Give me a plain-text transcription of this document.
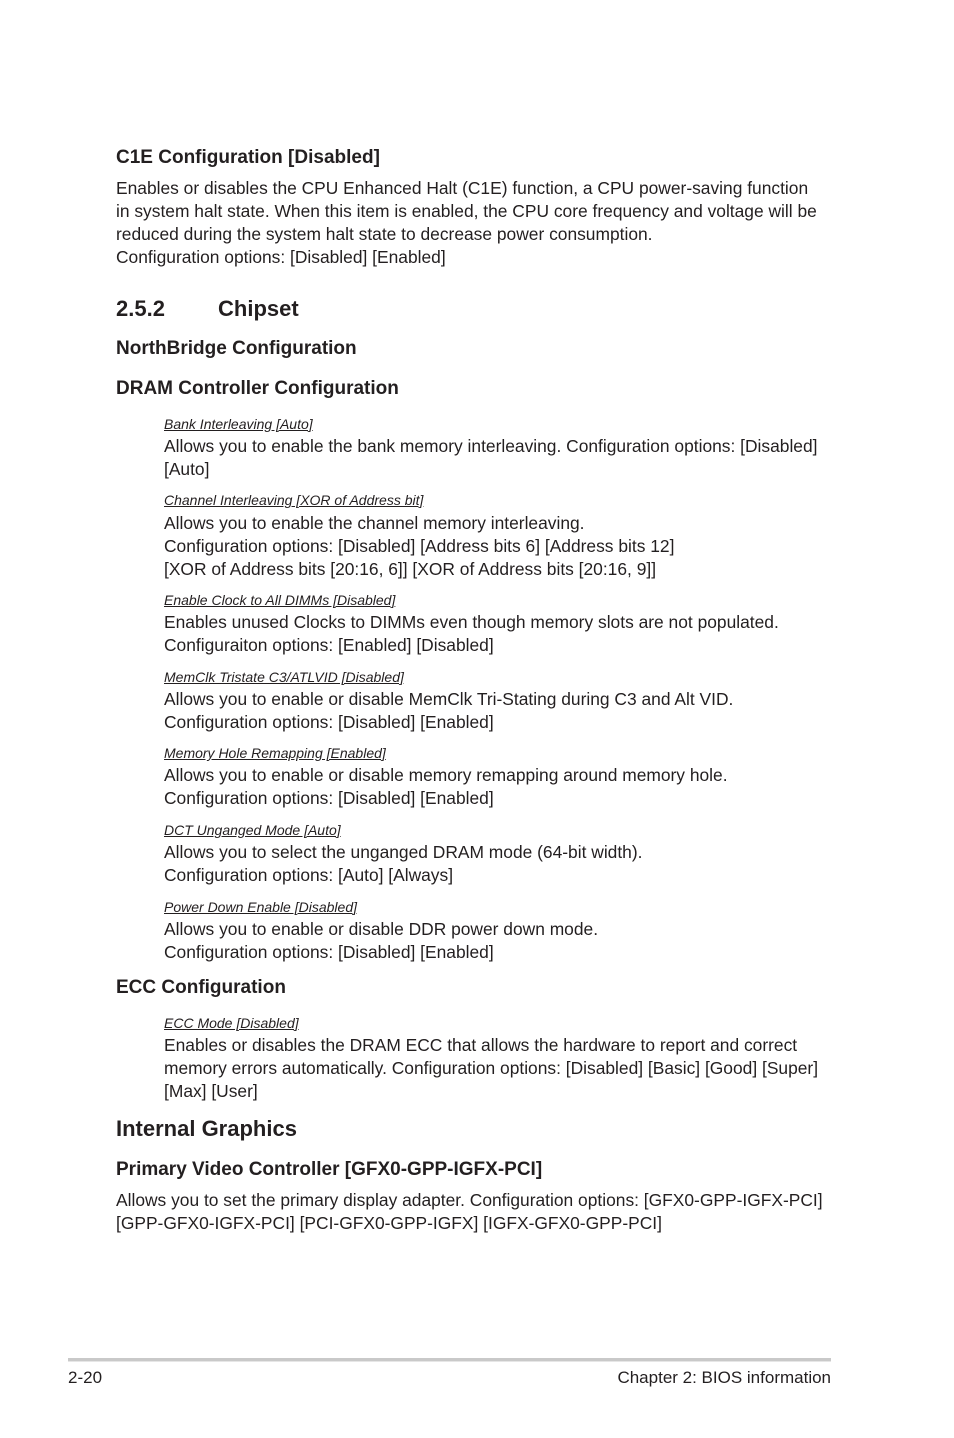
C1E Configuration [Disabled]
Enables or disables the CPU Enhanced Halt (C1E) function, a CPU power-saving function
in system halt state. When this item is enabled, the CPU core frequency and voltage will be
reduced during the system halt state to decrease power consumption.
Configuration options: [Disabled] [Enabled]
2.5.2 Chipset
NorthBridge Configuration
DRAM Controller Configuration
Bank Interleaving [Auto]
Allows you to enable the bank memory interleaving. Configuration options: [Disabled]
[Auto]
Channel Interleaving [XOR of Address bit]
Allows you to enable the channel memory interleaving.
Configuration options: [Disabled] [Address bits 6] [Address bits 12]
[XOR of Address bits [20:16, 6]] [XOR of Address bits [20:16, 9]]
Enable Clock to All DIMMs [Disabled]
Enables unused Clocks to DIMMs even though memory slots are not populated.
Configuraiton options: [Enabled] [Disabled]
MemClk Tristate C3/ATLVID [Disabled]
Allows you to enable or disable MemClk Tri-Stating during C3 and Alt VID.
Configuration options: [Disabled] [Enabled]
Memory Hole Remapping [Enabled]
Allows you to enable or disable memory remapping around memory hole.
Configuration options: [Disabled] [Enabled]
DCT Unganged Mode [Auto]
Allows you to select the unganged DRAM mode (64-bit width).
Configuration options: [Auto] [Always]
Power Down Enable [Disabled]
Allows you to enable or disable DDR power down mode.
Configuration options: [Disabled] [Enabled]
ECC Configuration
ECC Mode [Disabled]
Enables or disables the DRAM ECC that allows the hardware to report and correct
memory errors automatically. Configuration options: [Disabled] [Basic] [Good] [Super]
[Max] [User]
Internal Graphics
Primary Video Controller [GFX0-GPP-IGFX-PCI]
Allows you to set the primary display adapter. Configuration options: [GFX0-GPP-IGFX-PCI]
[GPP-GFX0-IGFX-PCI] [PCI-GFX0-GPP-IGFX] [IGFX-GFX0-GPP-PCI]
2-20	Chapter 2: BIOS information
